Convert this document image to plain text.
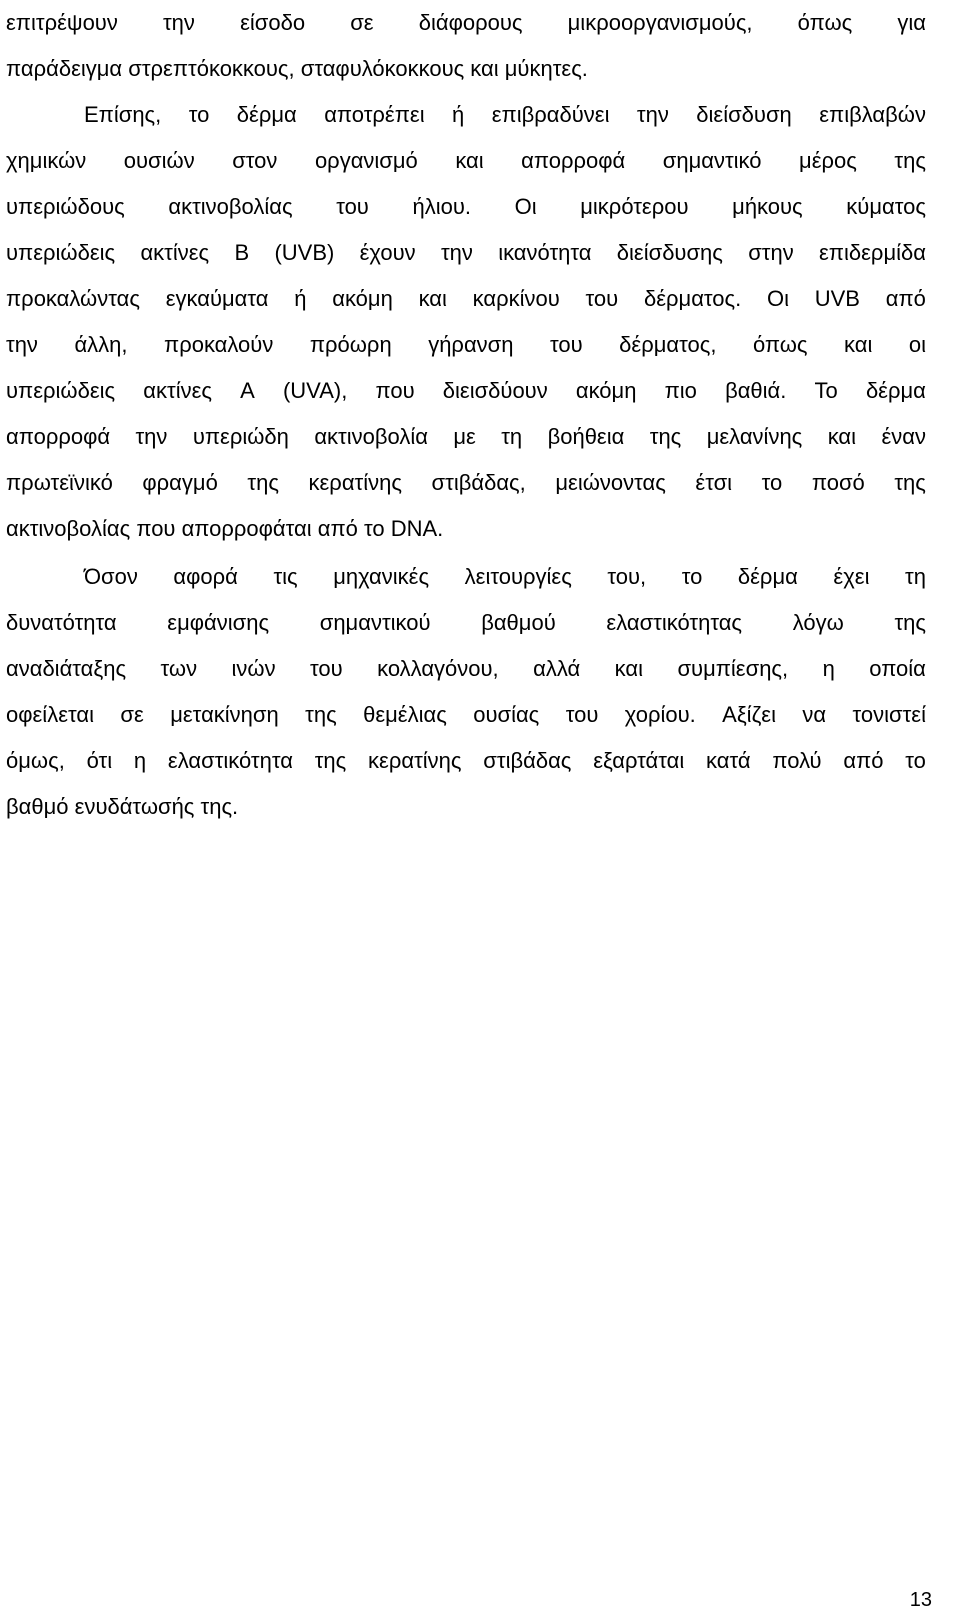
επιτρέψουν την είσοδο σε διάφορους μικροοργανισμούς, όπως για
παράδειγμα στρεπτόκοκκους, σταφυλόκοκκους και μύκητες.
Επίσης, το δέρμα αποτρέπει ή επιβραδύνει την διείσδυση επιβλαβών
χημικών ουσιών στον οργανισμό και απορροφά σημαντικό μέρος της
υπεριώδους ακτινοβολίας του ήλιου. Οι μικρότερου μήκους κύματος
υπεριώδεις ακτίνες Β (UVB) έχουν την ικανότητα διείσδυσης στην επιδερμίδα
προκαλώντας εγκαύματα ή ακόμη και καρκίνου του δέρματος. Οι UVB από
την άλλη, προκαλούν πρόωρη γήρανση του δέρματος, όπως και οι
υπεριώδεις ακτίνες Α (UVA), που διεισδύουν ακόμη πιο βαθιά. Το δέρμα
απορροφά την υπεριώδη ακτινοβολία με τη βοήθεια της μελανίνης και έναν
πρωτεϊνικό φραγμό της κερατίνης στιβάδας, μειώνοντας έτσι το ποσό της
ακτινοβολίας που απορροφάται από το DNA.
Όσον αφορά τις μηχανικές λειτουργίες του, το δέρμα έχει τη
δυνατότητα εμφάνισης σημαντικού βαθμού ελαστικότητας λόγω της
αναδιάταξης των ινών του κολλαγόνου, αλλά και συμπίεσης, η οποία
οφείλεται σε μετακίνηση της θεμέλιας ουσίας του χορίου. Αξίζει να τονιστεί
όμως, ότι η ελαστικότητα της κερατίνης στιβάδας εξαρτάται κατά πολύ από το
βαθμό ενυδάτωσής της.
13
